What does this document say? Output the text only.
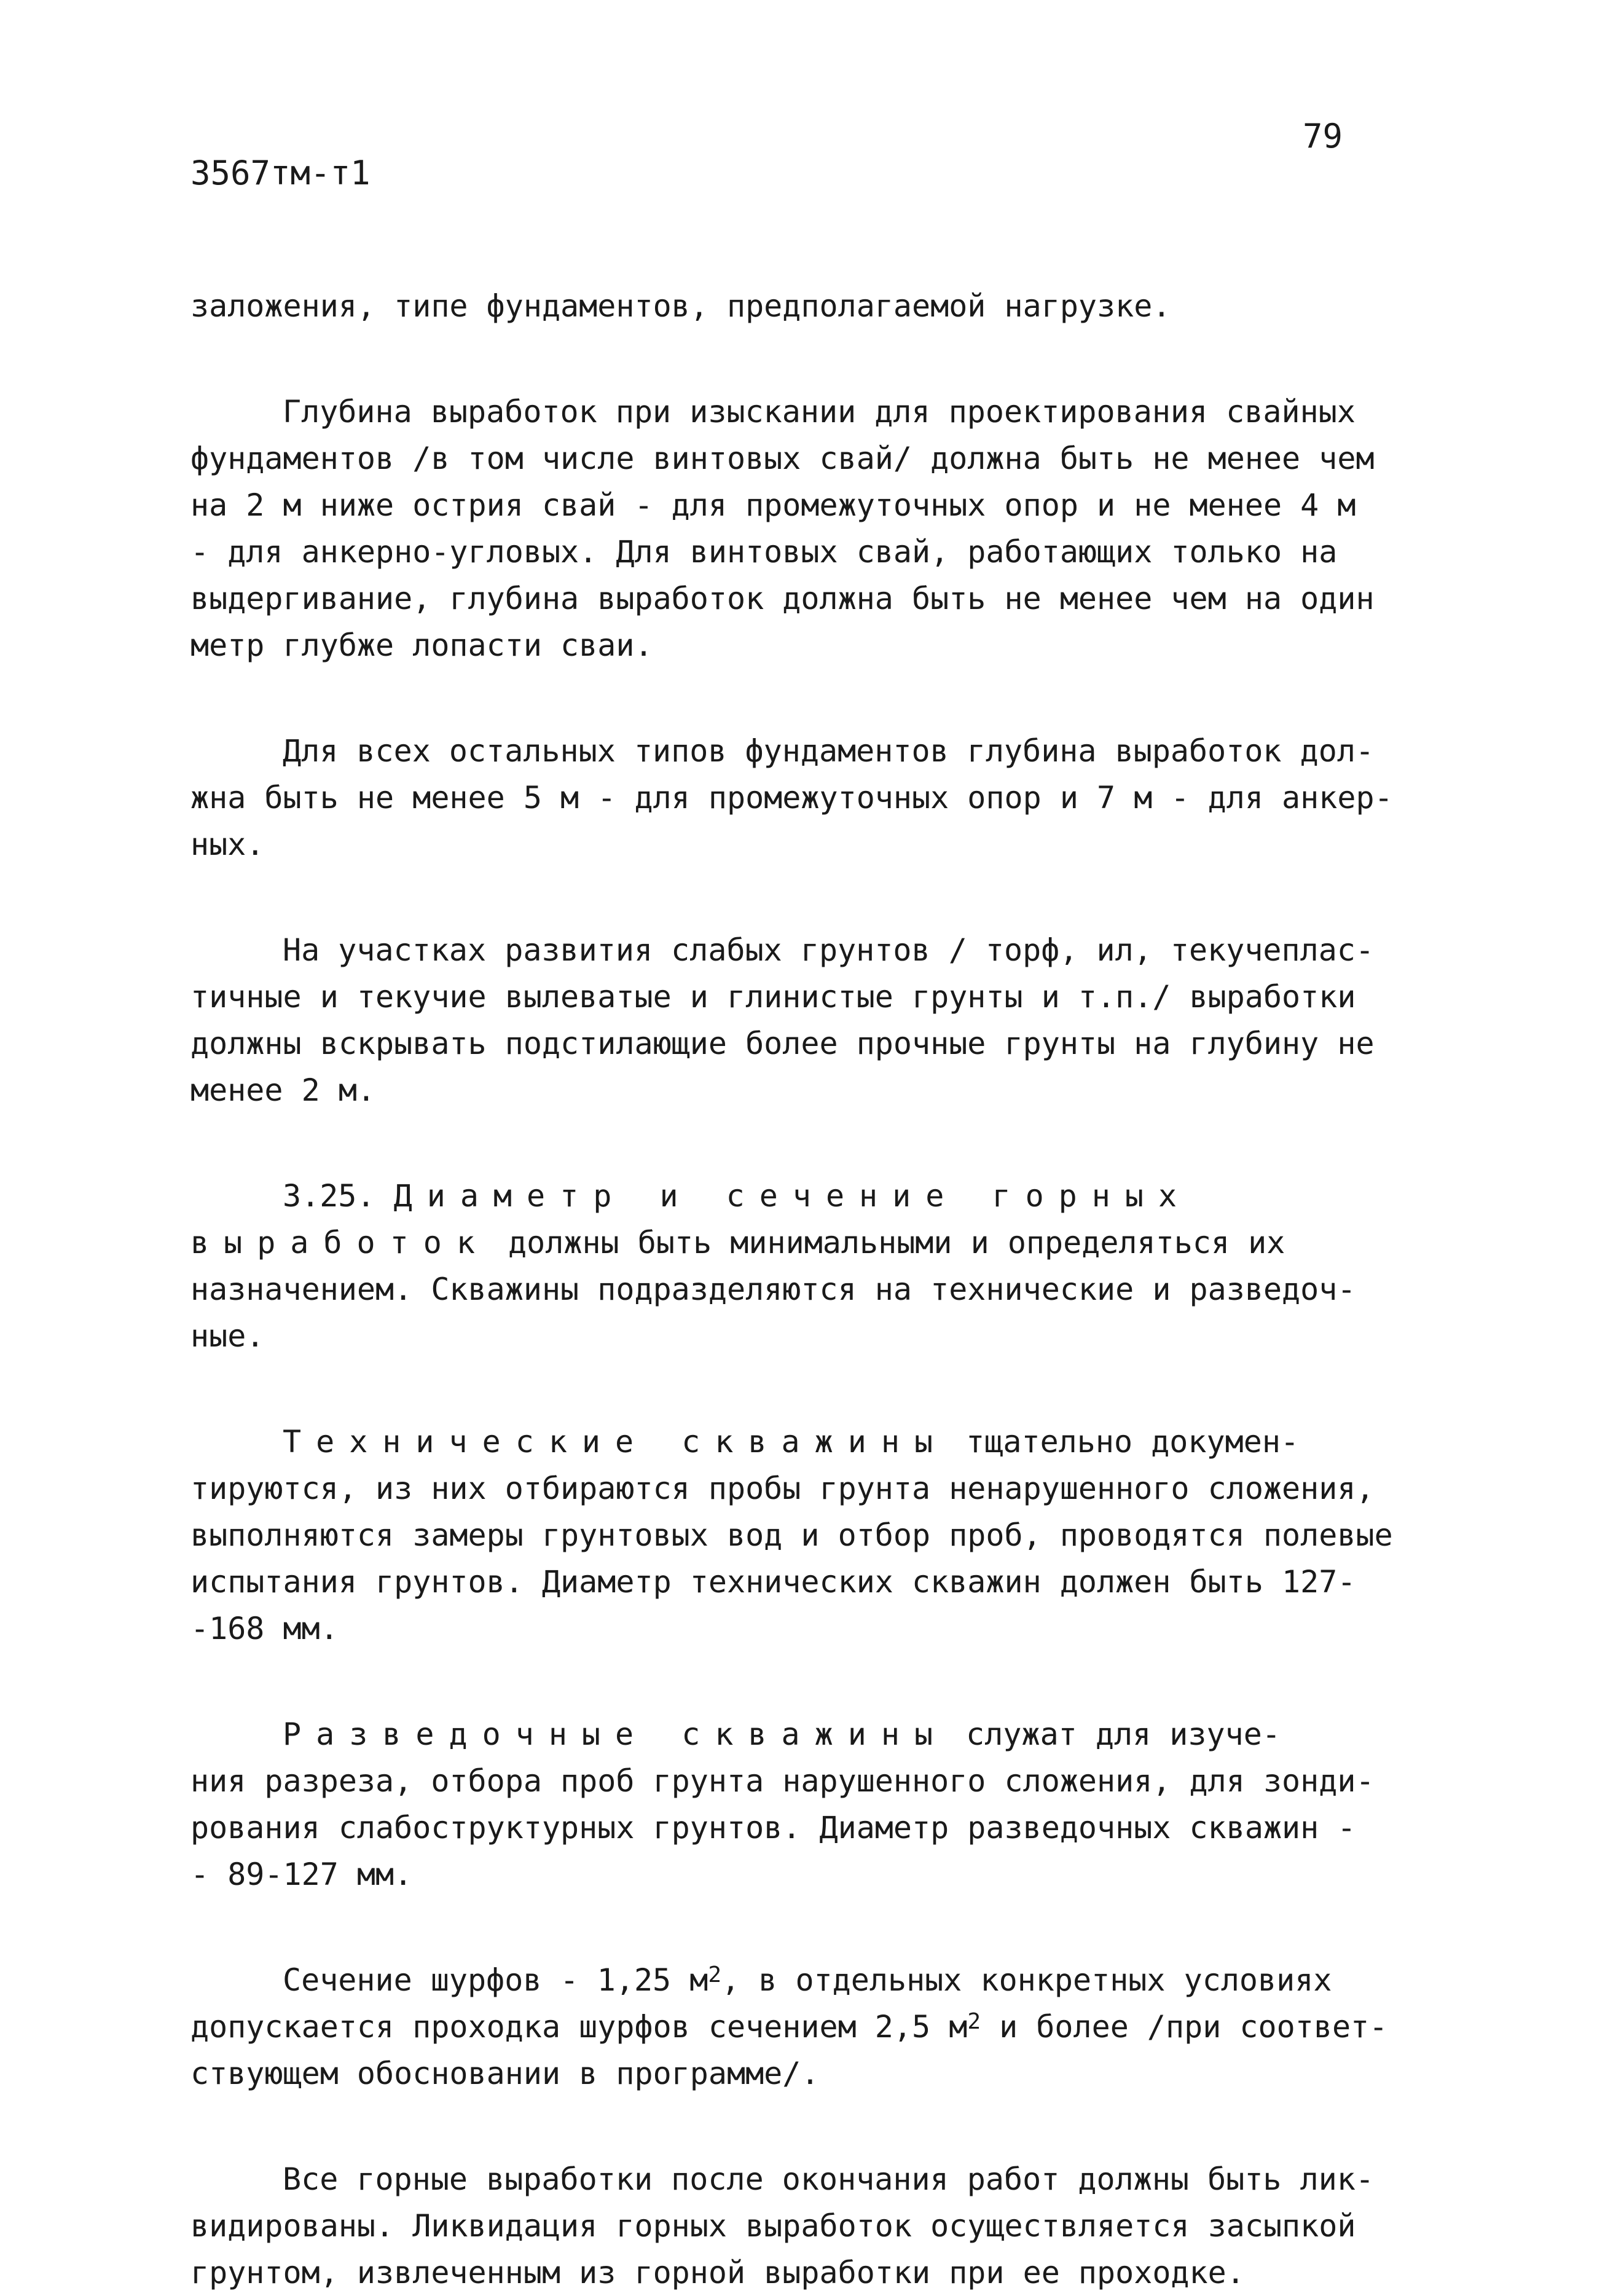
79
3567тм-т1
заложения, типе фундаментов, предполагаемой нагрузке.
Глубина выработок при изыскании для проектирования свайных
фундаментов /в том числе винтовых свай/ должна быть не менее чем
на 2 м ниже острия свай - для промежуточных опор и не менее 4 м
- для анкерно-угловых. Для винтовых свай, работающих только на
выдергивание, глубина выработок должна быть не менее чем на один
метр глубже лопасти сваи.
Для всех остальных типов фундаментов глубина выработок дол-
жна быть не менее 5 м - для промежуточных опор и 7 м - для анкер-
ных.
На участках развития слабых грунтов / торф, ил, текучеплас-
тичные и текучие вылеватые и глинистые грунты и т.п./ выработки
должны вскрывать подстилающие более прочные грунты на глубину не
менее 2 м.
3.25. Диаметр и сечение горных
выработок должны быть минимальными и определяться их
назначением. Скважины подразделяются на технические и разведоч-
ные.
Технические скважины тщательно докумен-
тируются, из них отбираются пробы грунта ненарушенного сложения,
выполняются замеры грунтовых вод и отбор проб, проводятся полевые
испытания грунтов. Диаметр технических скважин должен быть 127-
-168 мм.
Разведочные скважины служат для изуче-
ния разреза, отбора проб грунта нарушенного сложения, для зонди-
рования слабоструктурных грунтов. Диаметр разведочных скважин -
- 89-127 мм.
Сечение шурфов - 1,25 $м^2$, в отдельных конкретных условиях
допускается проходка шурфов сечением 2,5 $м^2$ и более /при соответ-
ствующем обосновании в программе/.
Все горные выработки после окончания работ должны быть лик-
видированы. Ликвидация горных выработок осуществляется засыпкой
грунтом, извлеченным из горной выработки при ее проходке.
